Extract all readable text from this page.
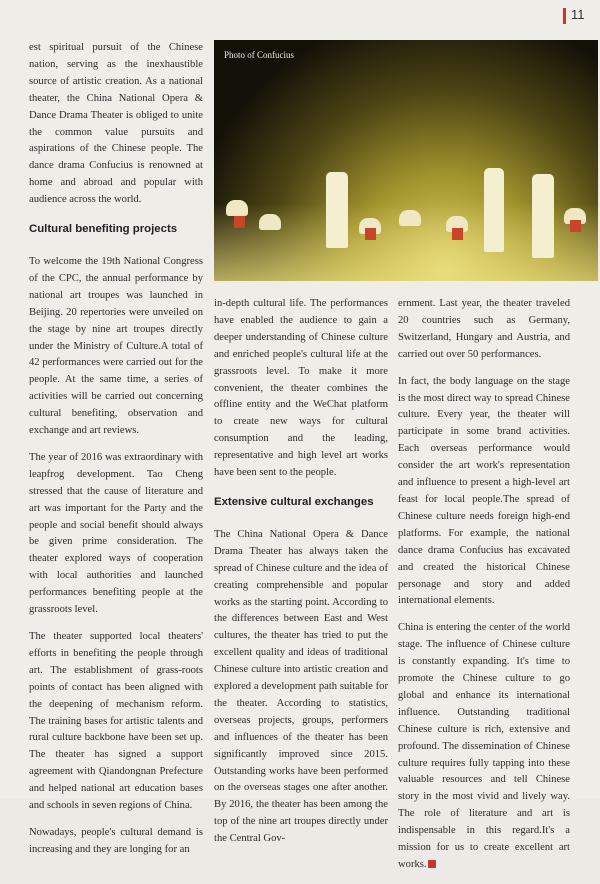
11

est spiritual pursuit of the Chinese nation, serving as the inexhaustible source of artistic creation. As a national theater, the China National Opera & Dance Drama Theater is obliged to unite the common value pursuits and aspirations of the Chinese people. The dance drama Confucius is renowned at home and abroad and popular with audience across the world.

Cultural benefiting projects

To welcome the 19th National Congress of the CPC, the annual performance by national art troupes was launched in Beijing. 20 repertories were unveiled on the stage by nine art troupes directly under the Ministry of Culture.A total of 42 performances were carried out for the people. At the same time, a series of activities will be carried out concerning cultural benefiting, observation and exchange and art reviews.

The year of 2016 was extraordinary with leapfrog development. Tao Cheng stressed that the cause of literature and art was important for the Party and the people and social benefit should always be given prime consideration. The theater explored ways of cooperation with local authorities and launched performances benefiting people at the grassroots level.

The theater supported local theaters' efforts in benefiting the people through art. The establishment of grass-roots points of contact has been aligned with the deepening of mechanism reform. The training bases for artistic talents and rural culture backbone have been set up. The theater has signed a support agreement with Qiandongnan Prefecture and helped national art education bases and schools in seven regions of China.

Nowadays, people's cultural demand is increasing and they are longing for an

Photo of Confucius

in-depth cultural life. The performances have enabled the audience to gain a deeper understanding of Chinese culture and enriched people's cultural life at the grassroots level. To make it more convenient, the theater combines the offline entity and the WeChat platform to create new ways for cultural consumption and the leading, representative and high level art works have been sent to the people.

Extensive cultural exchanges

The China National Opera & Dance Drama Theater has always taken the spread of Chinese culture and the idea of creating comprehensible and popular works as the starting point. According to the differences between East and West cultures, the theater has tried to put the excellent quality and ideas of traditional Chinese culture into artistic creation and explored a development path suitable for the theater. According to statistics, overseas projects, groups, performers and influences of the theater has been significantly improved since 2015. Outstanding works have been performed on the overseas stages one after another. By 2016, the theater has been among the top of the nine art troupes directly under the Central Gov-

ernment. Last year, the theater traveled 20 countries such as Germany, Switzerland, Hungary and Austria, and carried out over 50 performances.

In fact, the body language on the stage is the most direct way to spread Chinese culture. Every year, the theater will participate in some brand activities. Each overseas performance would consider the art work's representation and influence to present a high-level art feast for local people.The spread of Chinese culture needs foreign high-end platforms. For example, the national dance drama Confucius has excavated and created the historical Chinese personage and story and added international elements.

China is entering the center of the world stage. The influence of Chinese culture is constantly expanding. It's time to promote the Chinese culture to go global and enhance its international influence. Outstanding traditional Chinese culture is rich, extensive and profound. The dissemination of Chinese culture requires fully tapping into these valuable resources and tell Chinese story in the most vivid and lively way. The role of literature and art is indispensable in this regard.It's a mission for us to create excellent art works.
